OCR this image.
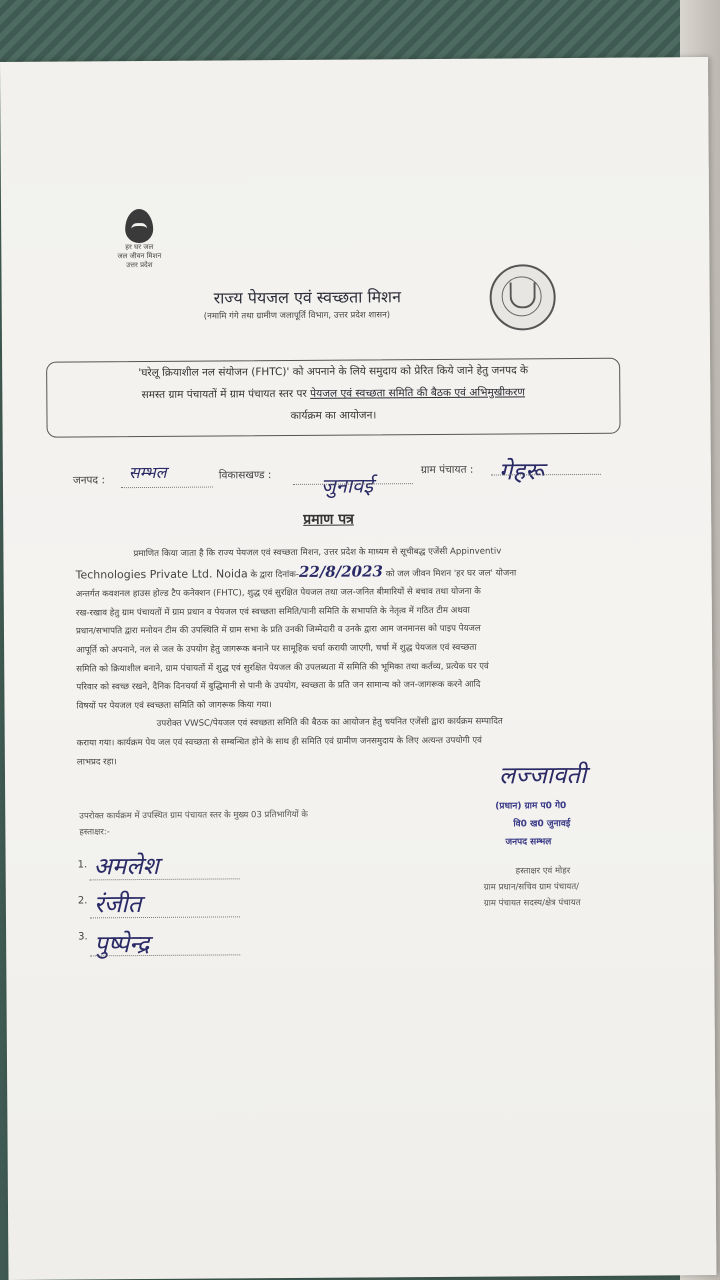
हर घर जल
जल जीवन मिशन
उत्तर प्रदेश
राज्य पेयजल एवं स्वच्छता मिशन
(नमामि गंगे तथा ग्रामीण जलापूर्ति विभाग, उत्तर प्रदेश शासन)
'घरेलू क्रियाशील नल संयोजन (FHTC)' को अपनाने के लिये समुदाय को प्रेरित किये जाने हेतु जनपद के
समस्त ग्राम पंचायतों में ग्राम पंचायत स्तर पर पेयजल एवं स्वच्छता समिति की बैठक एवं अभिमुखीकरण
कार्यक्रम का आयोजन।
जनपद : सम्भल	विकासखण्ड : जुनावई
ग्राम पंचायत : गेहरू
प्रमाण पत्र

प्रमाणित किया जाता है कि राज्य पेयजल एवं स्वच्छता मिशन, उत्तर प्रदेश के माध्यम से सूचीबद्ध एजेंसी Appinventiv

Technologies Private Ltd. Noida के द्वारा दिनांक-22/8/2023 को जल जीवन मिशन 'हर घर जल' योजना

अन्तर्गत कवशनल हाउस होल्ड टैप कनेक्शन (FHTC), शुद्ध एवं सुरक्षित पेयजल तथा जल-जनित बीमारियों से बचाव तथा योजना के

रख-रखाव हेतु ग्राम पंचायतों में ग्राम प्रधान व पेयजल एवं स्वच्छता समिति/पानी समिति के सभापति के नेतृत्व में गठित टीम अथवा

प्रधान/सभापति द्वारा मनोयन टीम की उपस्थिति में ग्राम सभा के प्रति उनकी जिम्मेदारी व उनके द्वारा आम जनमानस को पाइप पेयजल

आपूर्ति को अपनाने, नल से जल के उपयोग हेतु जागरूक बनाने पर सामूहिक चर्चा करायी जाएगी, चर्चा में शुद्ध पेयजल एवं स्वच्छता

समिति को क्रियाशील बनाने, ग्राम पंचायतों में शुद्ध एवं सुरक्षित पेयजल की उपलब्धता में समिति की भूमिका तथा कर्तव्य, प्रत्येक घर एवं

परिवार को स्वच्छ रखने, दैनिक दिनचर्या में बुद्धिमानी से पानी के उपयोग, स्वच्छता के प्रति जन सामान्य को जन-जागरूक करने आदि

विषयों पर पेयजल एवं स्वच्छता समिति को जागरूक किया गया।

उपरोक्त VWSC/पेयजल एवं स्वच्छता समिति की बैठक का आयोजन हेतु चयनित एजेंसी द्वारा कार्यक्रम सम्पादित

कराया गया। कार्यक्रम पेय जल एवं स्वच्छता से सम्बन्धित होने के साथ ही समिति एवं ग्रामीण जनसमुदाय के लिए अत्यन्त उपयोगी एवं

लाभप्रद रहा।

उपरोक्त कार्यक्रम में उपस्थित ग्राम पंचायत स्तर के मुख्य 03 प्रतिभागियों के
हस्ताक्षर:-
1. अमलेश
2. रंजीत
3. पुष्पेन्द्र
लज्जावती
(प्रधान) ग्राम प0 गे0
वि0 ख0 जुनावई
जनपद सम्भल
हस्ताक्षर एवं मोहर
ग्राम प्रधान/सचिव ग्राम पंचायत/
ग्राम पंचायत सदस्य/क्षेत्र पंचायत
